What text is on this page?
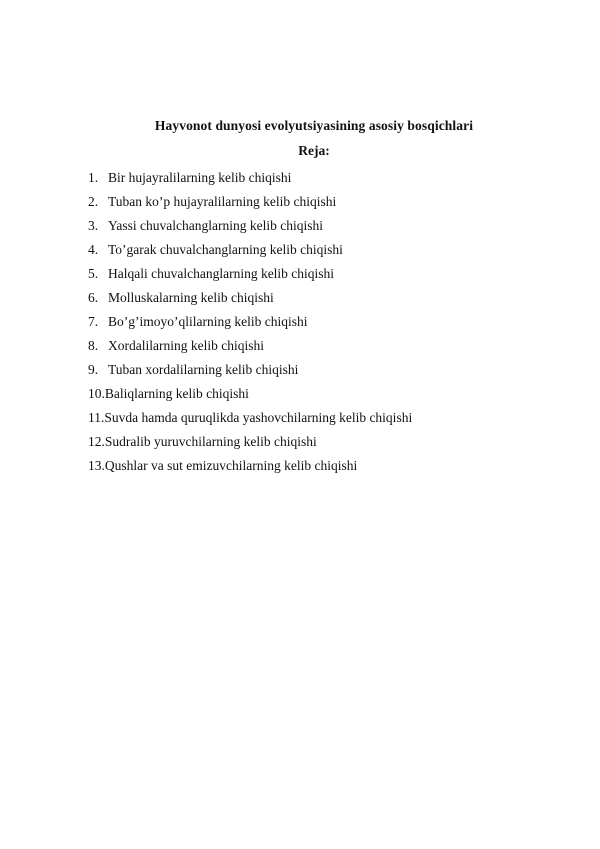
Hayvonot dunyosi evolyutsiyasining asosiy bosqichlari
Reja:
1. Bir hujayralilarning kelib chiqishi
2. Tuban ko’p hujayralilarning kelib chiqishi
3. Yassi chuvalchanglarning kelib chiqishi
4. To’garak chuvalchanglarning kelib chiqishi
5. Halqali chuvalchanglarning kelib chiqishi
6. Molluskalarning kelib chiqishi
7. Bo’g’imoyo’qlilarning kelib chiqishi
8. Xordalilarning kelib chiqishi
9. Tuban xordalilarning kelib chiqishi
10.Baliqlarning kelib chiqishi
11.Suvda hamda quruqlikda yashovchilarning kelib chiqishi
12.Sudralib yuruvchilarning kelib chiqishi
13.Qushlar va sut emizuvchilarning kelib chiqishi
